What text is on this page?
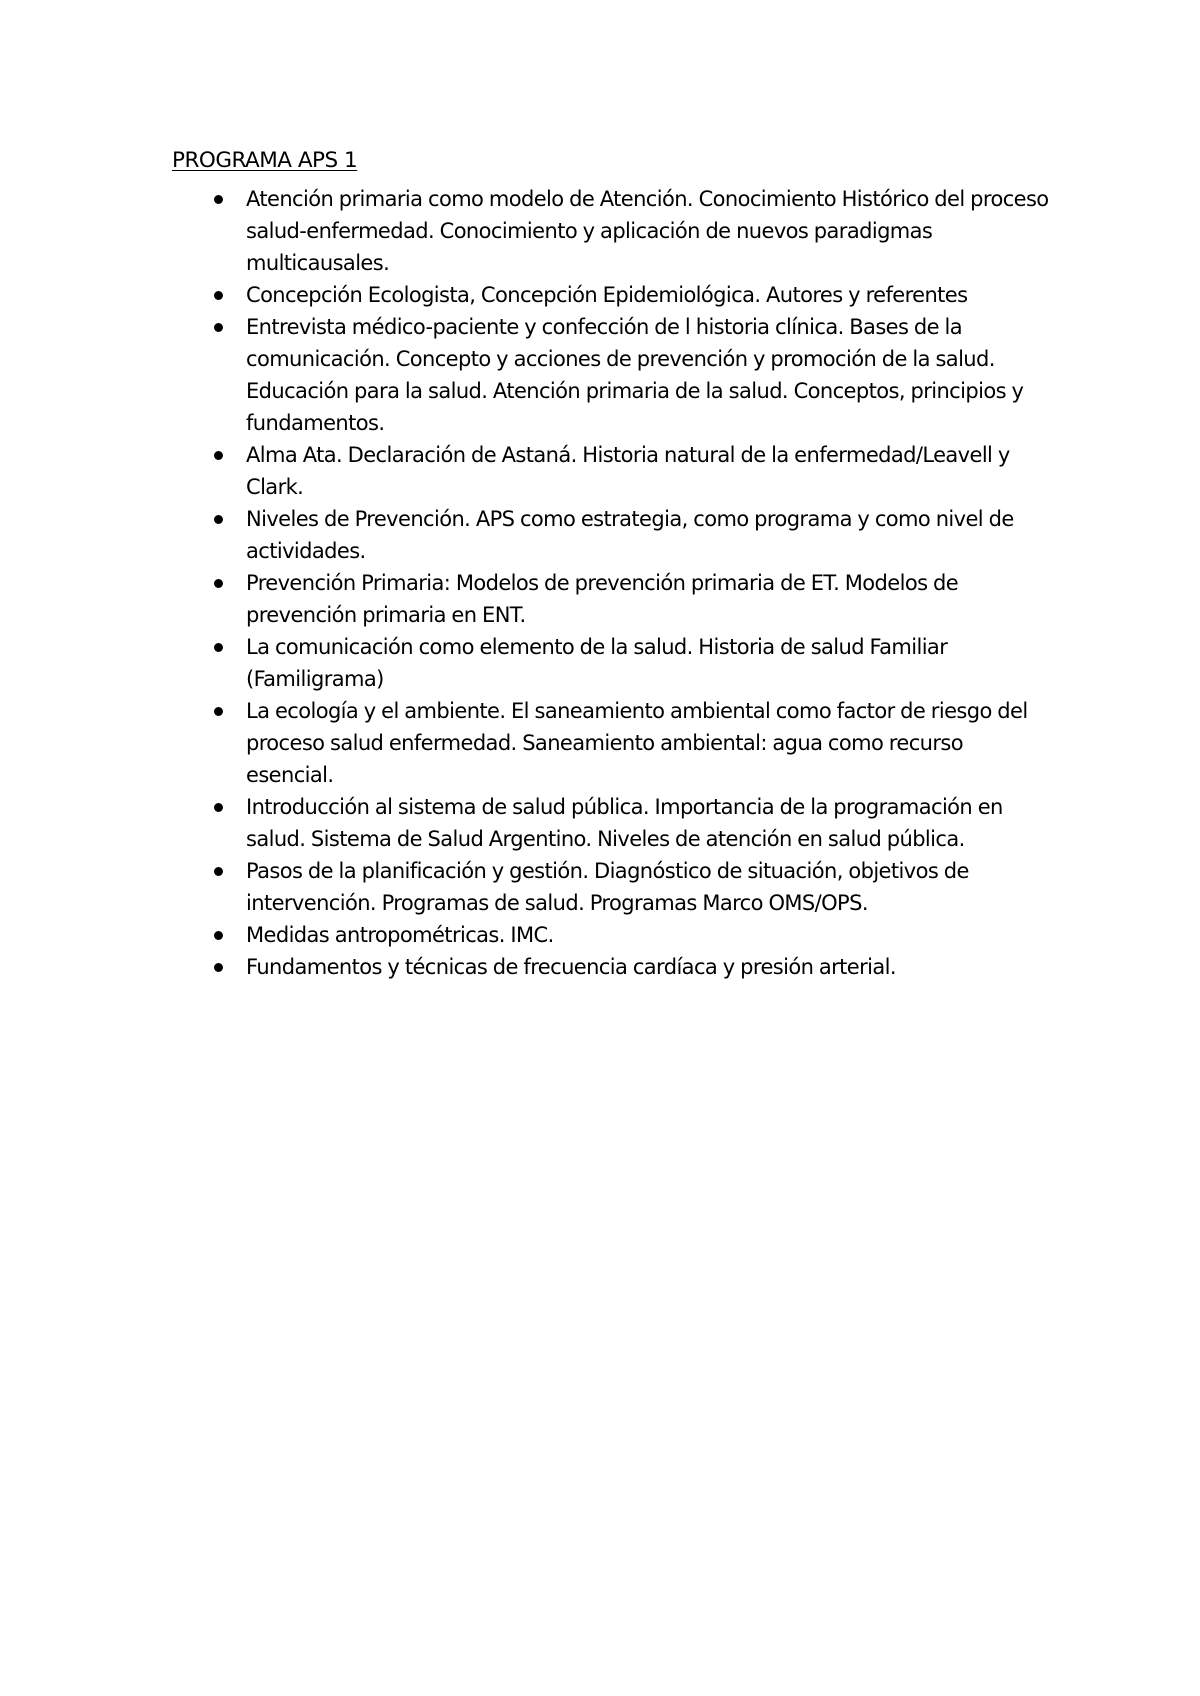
PROGRAMA APS 1
Atención primaria como modelo de Atención. Conocimiento Histórico del proceso salud-enfermedad. Conocimiento y aplicación de nuevos paradigmas multicausales.
Concepción Ecologista, Concepción Epidemiológica. Autores y referentes
Entrevista médico-paciente y confección de l historia clínica. Bases de la comunicación. Concepto y acciones de prevención y promoción de la salud. Educación para la salud. Atención primaria de la salud. Conceptos, principios y fundamentos.
Alma Ata. Declaración de Astaná. Historia natural de la enfermedad/Leavell y Clark.
Niveles de Prevención. APS como estrategia, como programa y como nivel de actividades.
Prevención Primaria: Modelos de prevención primaria de ET. Modelos de prevención primaria en ENT.
La comunicación como elemento de la salud. Historia de salud Familiar (Familigrama)
La ecología y el ambiente. El saneamiento ambiental como factor de riesgo del proceso salud enfermedad. Saneamiento ambiental: agua como recurso esencial.
Introducción al sistema de salud pública. Importancia de la programación en salud. Sistema de Salud Argentino. Niveles de atención en salud pública.
Pasos de la planificación y gestión. Diagnóstico de situación, objetivos de intervención. Programas de salud. Programas Marco OMS/OPS.
Medidas antropométricas. IMC.
Fundamentos y técnicas de frecuencia cardíaca y presión arterial.
